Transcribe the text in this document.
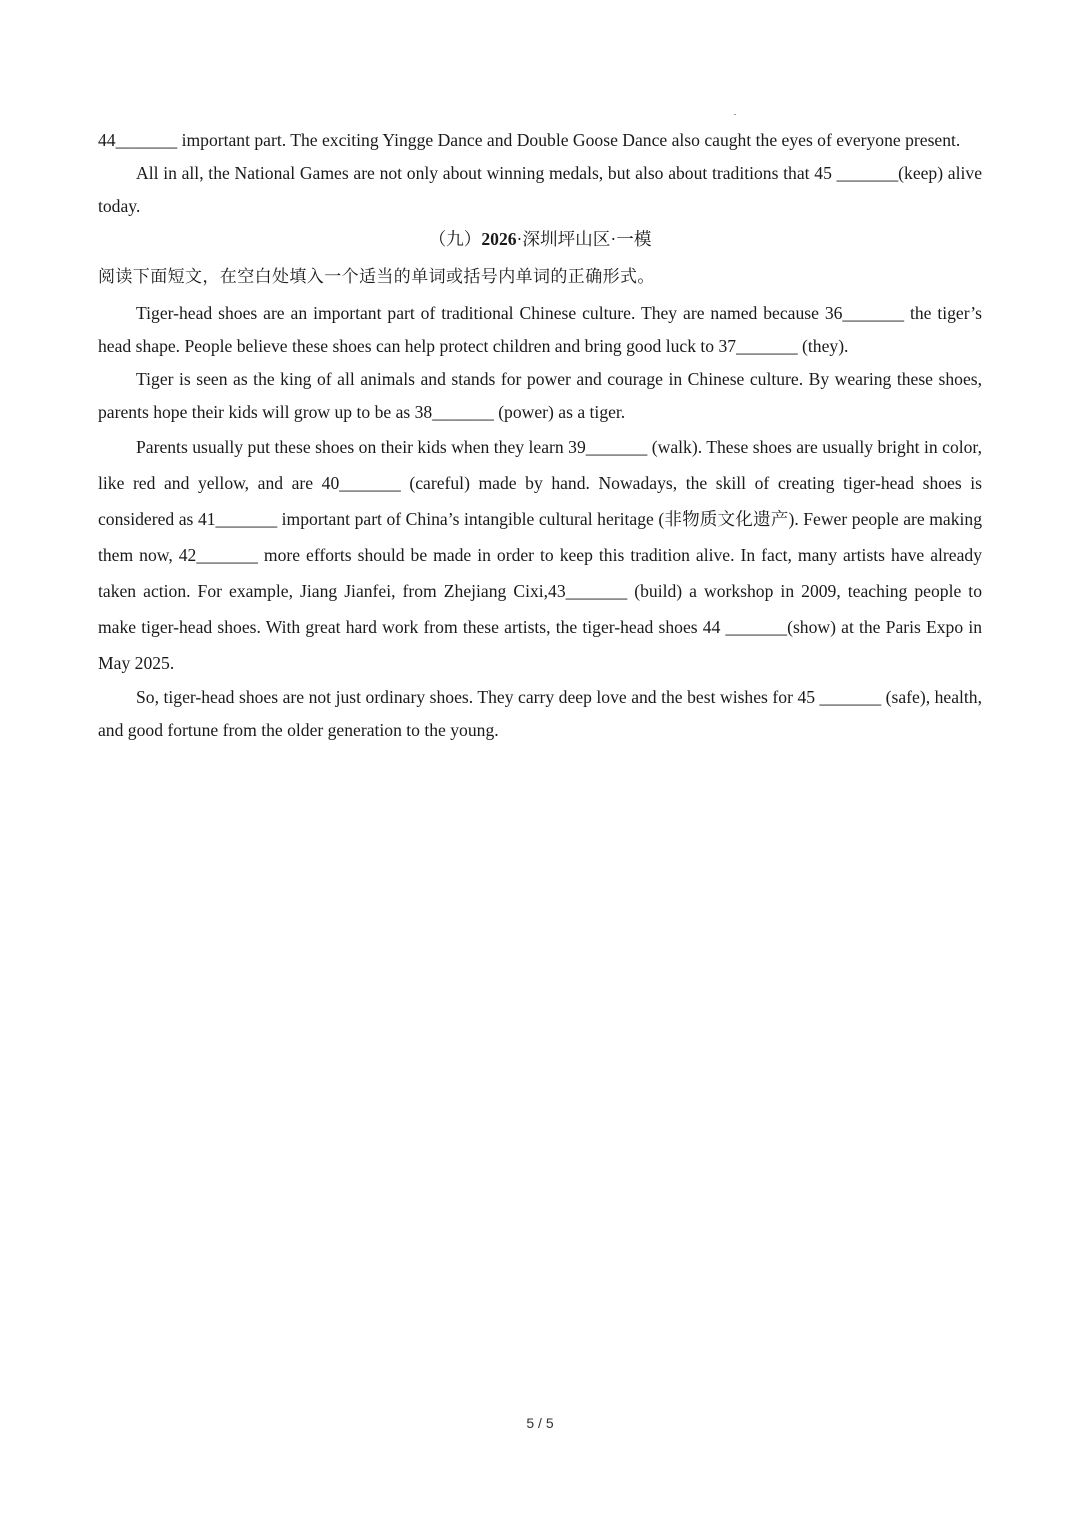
44_______ important part. The exciting Yingge Dance and Double Goose Dance also caught the eyes of everyone present.

All in all, the National Games are not only about winning medals, but also about traditions that 45 _______(keep) alive today.

（九）2026·深圳坪山区·一模

阅读下面短文，在空白处填入一个适当的单词或括号内单词的正确形式。

Tiger-head shoes are an important part of traditional Chinese culture. They are named because 36_______ the tiger’s head shape. People believe these shoes can help protect children and bring good luck to 37_______ (they).

Tiger is seen as the king of all animals and stands for power and courage in Chinese culture. By wearing these shoes, parents hope their kids will grow up to be as 38_______ (power) as a tiger.

Parents usually put these shoes on their kids when they learn 39_______ (walk). These shoes are usually bright in color, like red and yellow, and are 40_______ (careful) made by hand. Nowadays, the skill of creating tiger-head shoes is considered as 41_______ important part of China’s intangible cultural heritage (非物质文化遗产). Fewer people are making them now, 42_______ more efforts should be made in order to keep this tradition alive. In fact, many artists have already taken action. For example, Jiang Jianfei, from Zhejiang Cixi,43_______ (build) a workshop in 2009, teaching people to make tiger-head shoes. With great hard work from these artists, the tiger-head shoes 44 _______(show) at the Paris Expo in May 2025.

So, tiger-head shoes are not just ordinary shoes. They carry deep love and the best wishes for 45 _______ (safe), health, and good fortune from the older generation to the young.

5 / 5
